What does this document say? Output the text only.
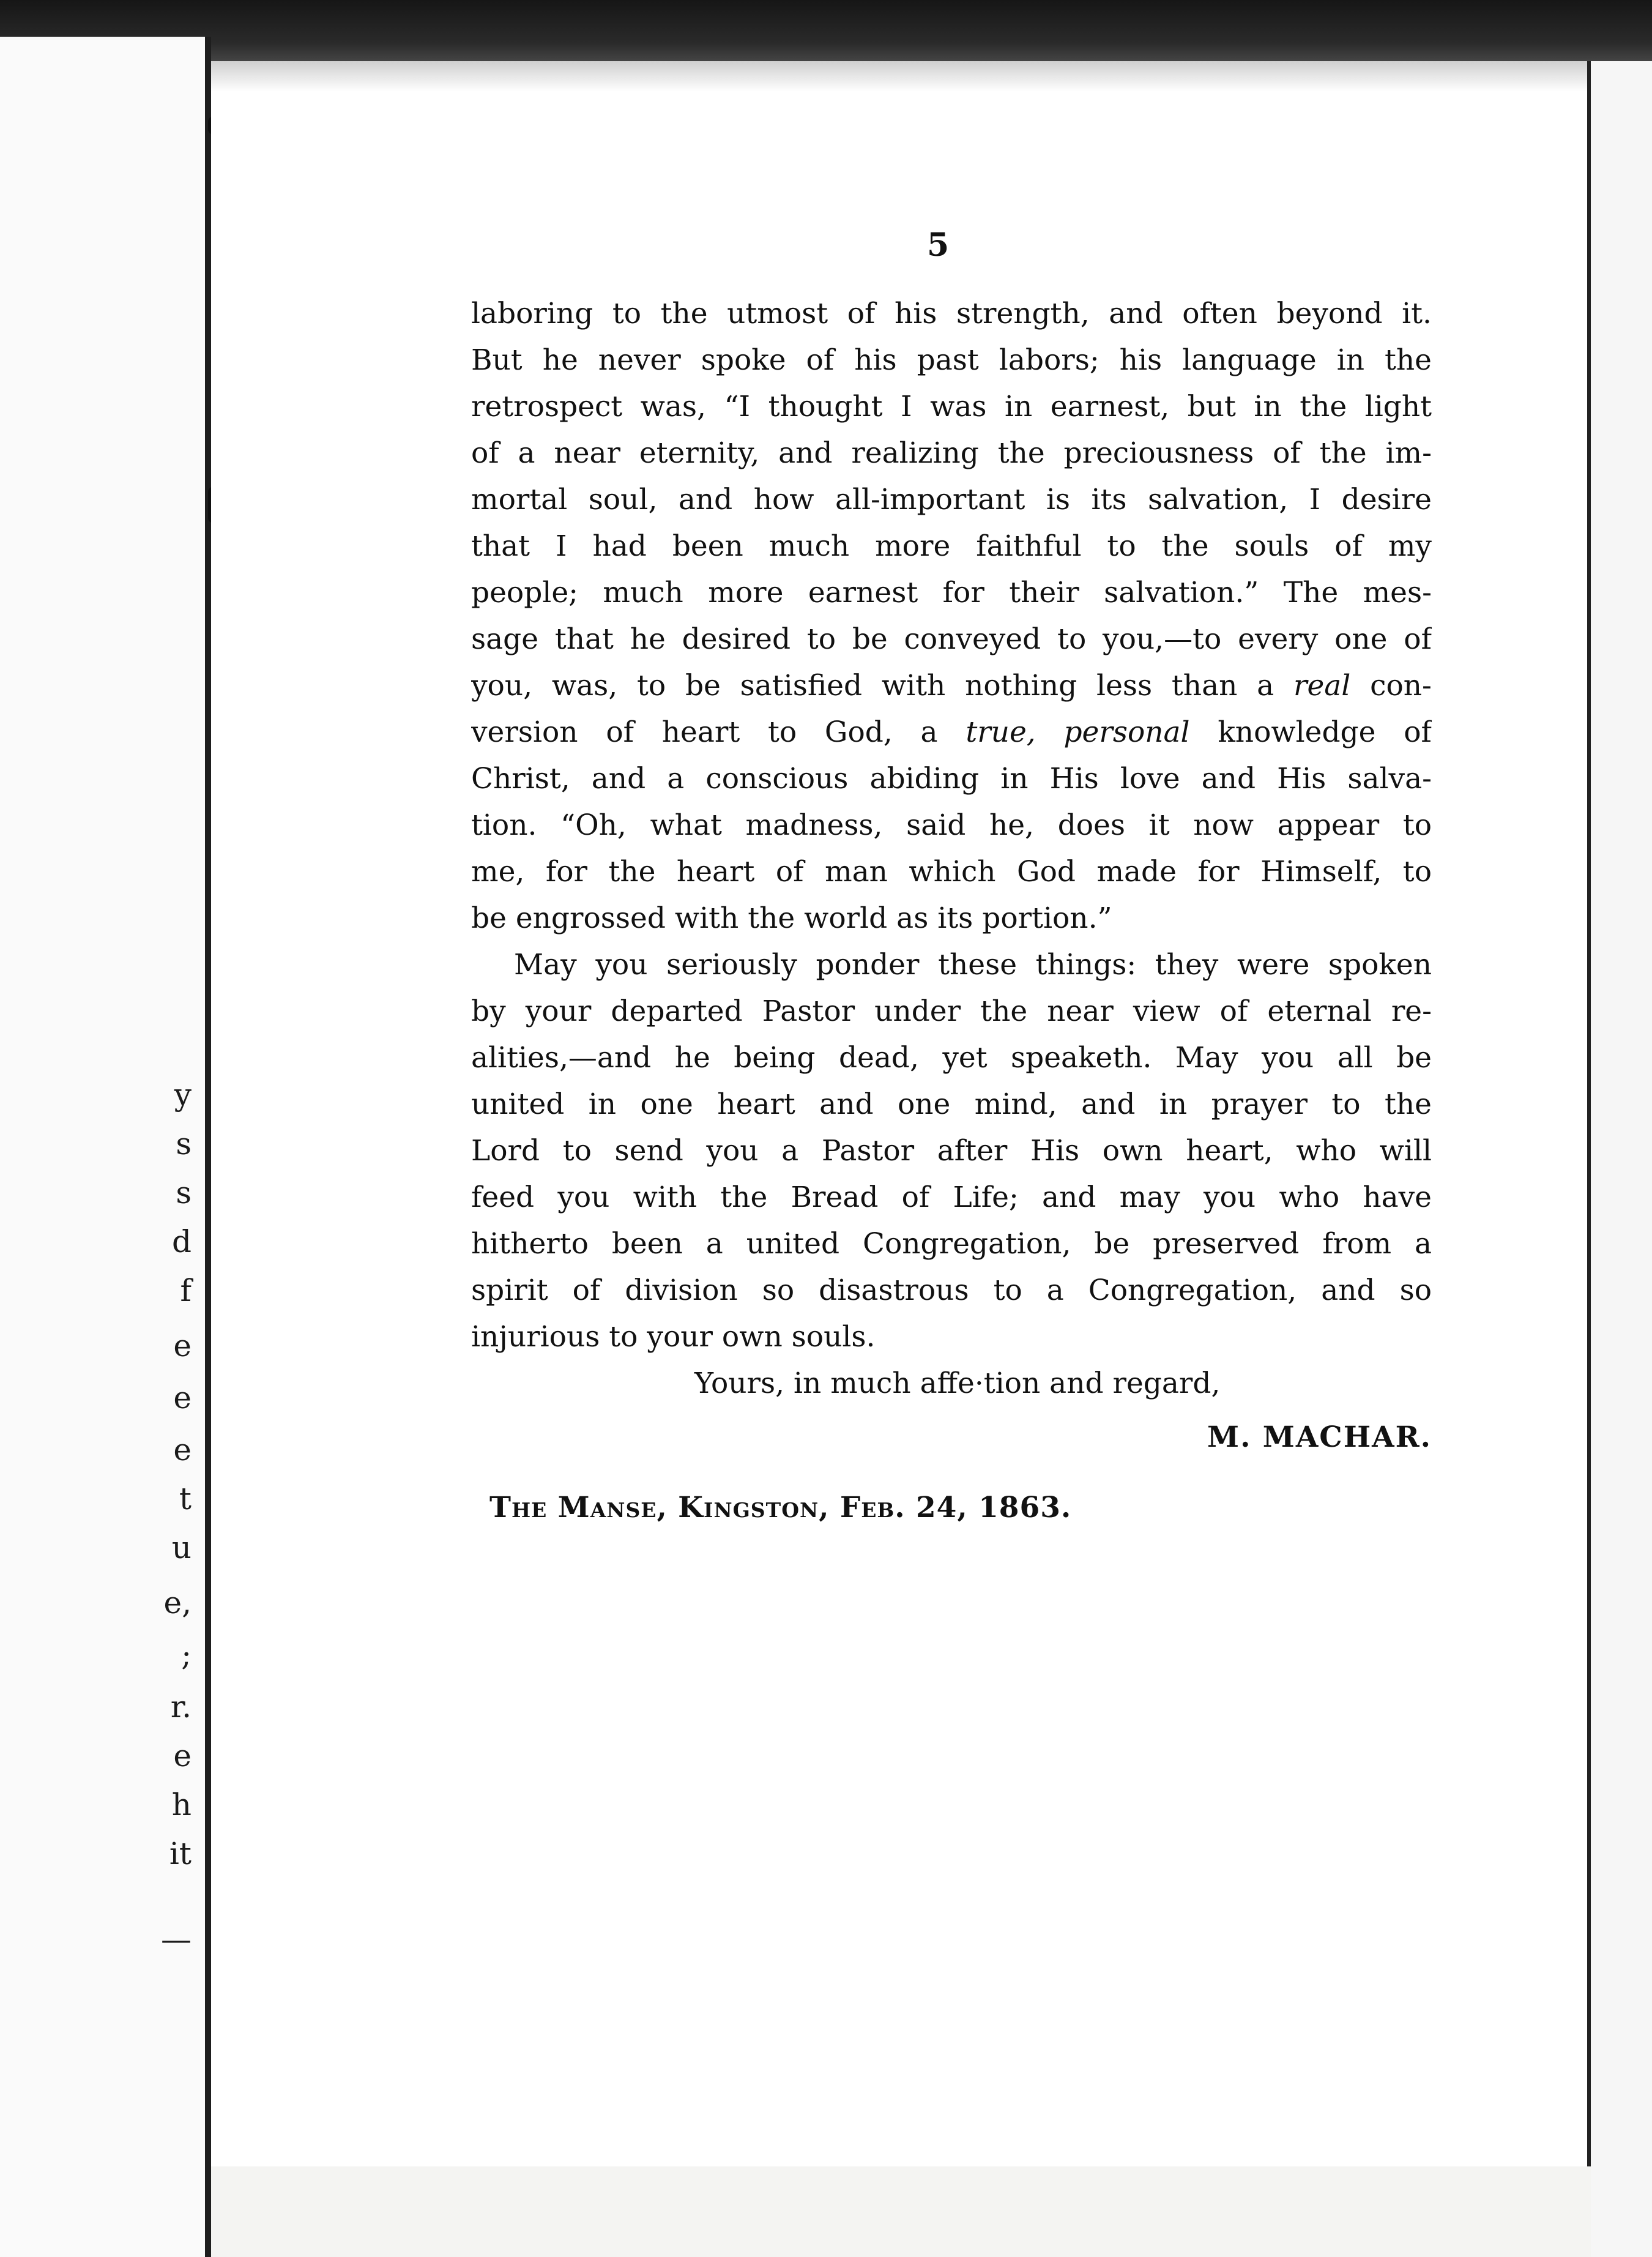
y
s
s
d
f
e
e
e
t
u
e,
;
r.
e
h
it
—
5
laboring to the utmost of his strength, and often beyond it.
But he never spoke of his past labors; his language in the
retrospect was, “I thought I was in earnest, but in the light
of a near eternity, and realizing the preciousness of the im-
mortal soul, and how all-important is its salvation, I desire
that I had been much more faithful to the souls of my
people; much more earnest for their salvation.” The mes-
sage that he desired to be conveyed to you,—to every one of
you, was, to be satisfied with nothing less than a real con-
version of heart to God, a true, personal knowledge of
Christ, and a conscious abiding in His love and His salva-
tion. “Oh, what madness, said he, does it now appear to
me, for the heart of man which God made for Himself, to
be engrossed with the world as its portion.”
May you seriously ponder these things: they were spoken
by your departed Pastor under the near view of eternal re-
alities,—and he being dead, yet speaketh. May you all be
united in one heart and one mind, and in prayer to the
Lord to send you a Pastor after His own heart, who will
feed you with the Bread of Life; and may you who have
hitherto been a united Congregation, be preserved from a
spirit of division so disastrous to a Congregation, and so
injurious to your own souls.
Yours, in much affe·tion and regard,
M. MACHAR.
The Manse, Kingston, Feb. 24, 1863.
